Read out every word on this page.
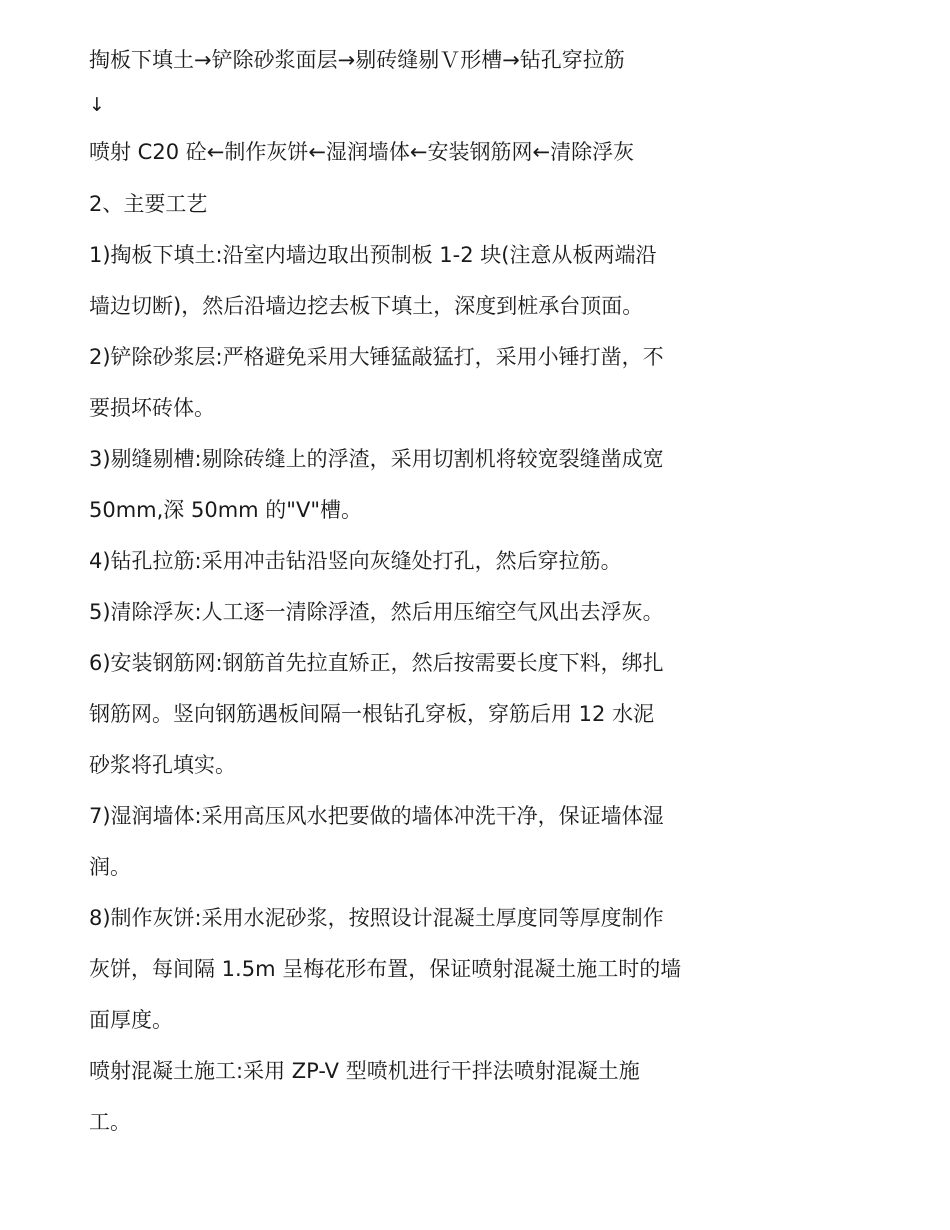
掏板下填土→铲除砂浆面层→剔砖缝剔Ｖ形槽→钻孔穿拉筋
↓
喷射 C20 砼←制作灰饼←湿润墙体←安装钢筋网←清除浮灰
2、主要工艺
1)掏板下填土:沿室内墙边取出预制板 1-2 块(注意从板两端沿
墙边切断)，然后沿墙边挖去板下填土，深度到桩承台顶面。
2)铲除砂浆层:严格避免采用大锤猛敲猛打，采用小锤打凿，不
要损坏砖体。
3)剔缝剔槽:剔除砖缝上的浮渣，采用切割机将较宽裂缝凿成宽
50mm,深 50mm 的"V"槽。
4)钻孔拉筋:采用冲击钻沿竖向灰缝处打孔，然后穿拉筋。
5)清除浮灰:人工逐一清除浮渣，然后用压缩空气风出去浮灰。
6)安装钢筋网:钢筋首先拉直矫正，然后按需要长度下料，绑扎
钢筋网。竖向钢筋遇板间隔一根钻孔穿板，穿筋后用 12 水泥
砂浆将孔填实。
7)湿润墙体:采用高压风水把要做的墙体冲洗干净，保证墙体湿
润。
8)制作灰饼:采用水泥砂浆，按照设计混凝土厚度同等厚度制作
灰饼，每间隔 1.5m 呈梅花形布置，保证喷射混凝土施工时的墙
面厚度。
喷射混凝土施工:采用 ZP-V 型喷机进行干拌法喷射混凝土施
工。
